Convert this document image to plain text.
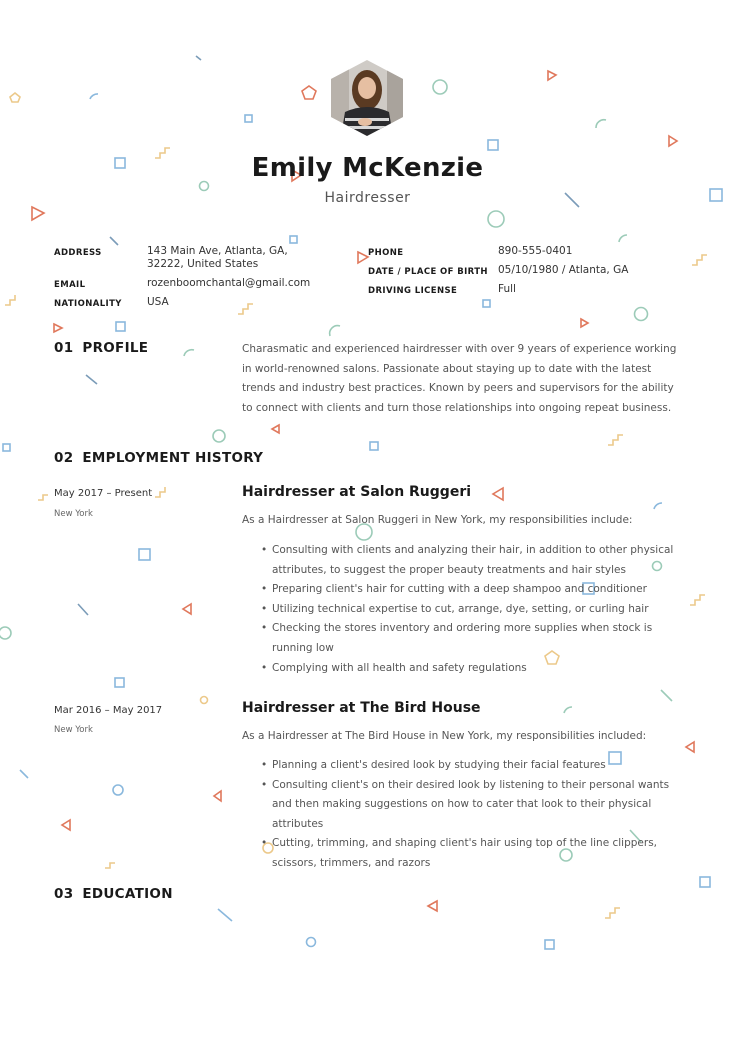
Emily McKenzie
Hairdresser
ADDRESS	143 Main Ave, Atlanta, GA, 32222, United States
EMAIL	rozenboomchantal@gmail.com
NATIONALITY USA
PHONE	890-555-0401
DATE / PLACE OF BIRTH 05/10/1980 / Atlanta, GA
DRIVING LICENSE	Full
01 PROFILE	Charasmatic and experienced hairdresser with over 9 years of experience working in world-renowned salons. Passionate about staying up to date with the latest trends and industry best practices. Known by peers and supervisors for the ability to connect with clients and turn those relationships into ongoing repeat business.
02 EMPLOYMENT HISTORY
May 2017 – Present
New York
Hairdresser at Salon Ruggeri
As a Hairdresser at Salon Ruggeri in New York, my responsibilities include:
• Consulting with clients and analyzing their hair, in addition to other physical attributes, to suggest the proper beauty treatments and hair styles
• Preparing client's hair for cutting with a deep shampoo and conditioner
• Utilizing technical expertise to cut, arrange, dye, setting, or curling hair
• Checking the stores inventory and ordering more supplies when stock is running low
• Complying with all health and safety regulations
Mar 2016 – May 2017
New York
Hairdresser at The Bird House
As a Hairdresser at The Bird House in New York, my responsibilities included:
• Planning a client's desired look by studying their facial features
• Consulting client's on their desired look by listening to their personal wants and then making suggestions on how to cater that look to their physical attributes
• Cutting, trimming, and shaping client's hair using top of the line clippers, scissors, trimmers, and razors
03 EDUCATION
